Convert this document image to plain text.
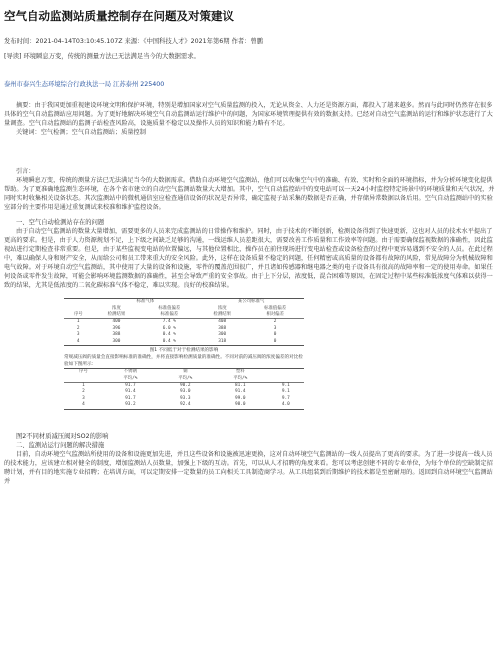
空气自动监测站质量控制存在问题及对策建议

发布时间：2021-04-14T03:10:45.107Z 来源：《中国科技人才》2021年第6期 作者：曾鹏

[导读] 环境瞬息万变，传统的测量方法已无法满足当今的大数据需求。

泰州市泰兴生态环境综合行政执法一局 江苏泰州 225400

摘要：由于我国更加重视建设环境文明和保护环境，特别是增加国家对空气质量监测的投入，无论从资金、人力还是资源方面，都投入了越来越多。然而与此同时仍然存在很多具体的空气自动监测站应用问题。为了更好地解决环境空气自动监测站运行维护中的问题，为国家环境管理提供有效的数据支持。已经对自动空气监测站的运行和维护状态进行了大量调查。空气自动监测站的监测子站检查风险高，设施质量不稳定以及操作人员的知识和能力略有不足。

关键词：空气检测；空气自动监测站；质量控制

引言：

环境瞬息万变，传统的测量方法已无法满足当今的大数据需求。借助自动环境空气监测站，他们可以收集空气中的准确、有效、实时和全面的环境指标，并为分析环境变化提供帮助。为了更准确地监测生态环境，在各个省市建立的自动空气监测站数量大大增加。其中，空气自动监控站中的变电站可以一天24小时监控特定场景中的环境质量和天气状况，并同时实时收集相关设备状态。其次监测站中的微机通信室应检查通信设备的状况是否异常，确定监视子站采集的数据是否正确，并存储异常数据以备后用。空气自动监测站中的实验室部分的主要作用是通过重复测试来校准和维护监控设备。

一、空气自动检测站存在的问题

由于自动空气监测站的数量大量增加，需要更多的人员来完成监测站的日常操作和维护。同时，由于技术的不断创新，检测设备得到了快速更新，这也对人员的技术水平提出了更高的要求。但是，由于人力资源规划不足，上下级之间缺乏足够的沟通，一线运维人员差距很大，需要改善工作质量和工作效率等问题。由于需要确保监视数据的准确性，因此监视站进行定期检查非常重要。但是，由于某些监视变电站的位置偏远，与其他位置相比，操作员在前往现场进行变电站检查或设备检查的过程中更容易遇到不安全的人员。在此过程中，难以确保人身和财产安全，从而给公司和员工带来重大的安全风险。此外，这样在设备质量不稳定的问题，任何精密或高质量的设备都有故障的风险，常见故障分为机械故障和电气故障。对于环境自动空气监测站，其中使用了大量的设备和设施，零件的覆盖范围很广，并且诸如传感器和继电器之类的电子设备具有很高的故障率和一定的使用寿命。如果任何设备或零件发生故障，可能会影响环境监测数据的准确性，甚至会导致严重的安全事故。由于上下分层，浓度低，混合困难等原因，在固定过程中某些标准低浓度气体难以获得一致的结果，尤其是低浓度的二氧化碳标准气体不稳定，难以实现。良好的校准结果。

	标准气体		某公司标准气	
	浓度	标准值偏差	浓度	标准值偏差
序号	检测结果	标准偏差	检测结果	相对偏差
1	400	7.4 %	408	2
2	396	6.0 %	388	3
3	388	0.4 %	300	0
4	300	0.4 %	318	0
图1 不同低于对于检测结果的影响

常规减压阀的质量会直接影响标准的准确性，并将直接影响检测质量的准确性。不同对前的减压阀的浓度偏差的对比检验如下图所示：

序号	不锈钢	铜	塑料	
	平均/%	平均/%	平均/%	
1	91.7	90.2	81.1	9.1
2	91.4	93.0	91.4	9.1
3	91.7	93.3	99.0	9.7
4	93.2	92.4	98.0	4.0

图2不同材质减压阀对SO2的影响

二、监测站运行问题的解决措施

目前，自动环境空气监测站所使用的设备和设施更加先进，并且这些设备和设施被迅速更换，这对自动环境空气监测站的一线人员提出了更高的要求。为了进一步提高一线人员的技术能力，应该建立相对健全的制度，增加监测站人员数量，加强上下级的互动。首先，可以从人才招聘的角度来看。您可以考虑创建不同的专业单位，为每个单位的空缺制定招聘计划，并有目的地实施专业招聘；在培训方面，可以定期安排一定数量的员工向相关工具制造商学习。从工具组装到后期维护的技术都是至密耐用的。返回到自动环境空气监测站并
